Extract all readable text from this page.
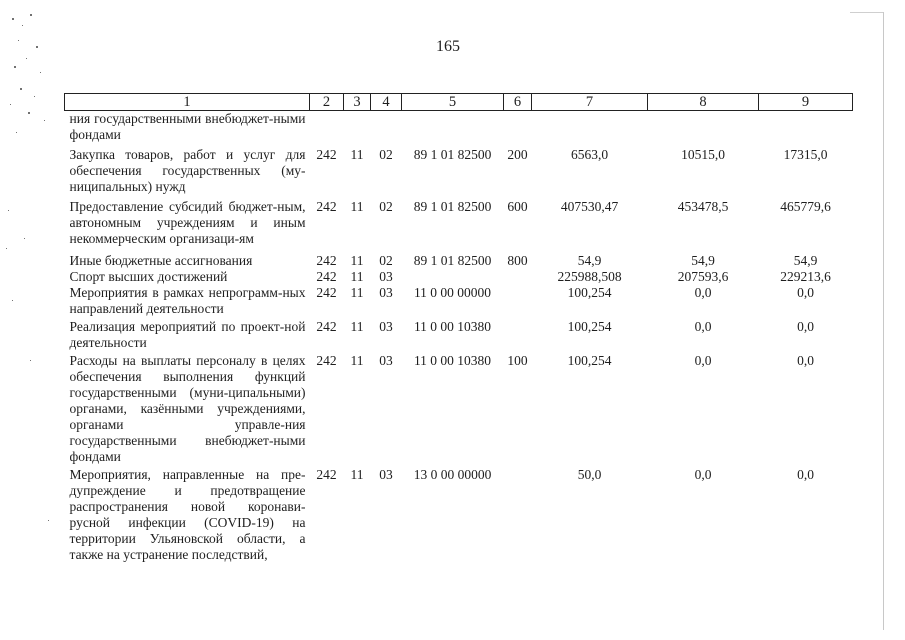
165
1	2	3	4	5	6	7	8	9
ния государственными внебюджет-ными фондами								
Закупка товаров, работ и услуг для обеспечения государственных (му-ниципальных) нужд	242	11	02	89 1 01 82500	200	6563,0	10515,0	17315,0
Предоставление субсидий бюджет-ным, автономным учреждениям и иным некоммерческим организаци-ям	242	11	02	89 1 01 82500	600	407530,47	453478,5	465779,6
Иные бюджетные ассигнования	242	11	02	89 1 01 82500	800	54,9	54,9	54,9
Спорт высших достижений	242	11	03			225988,508	207593,6	229213,6
Мероприятия в рамках непрограмм-ных направлений деятельности	242	11	03	11 0 00 00000		100,254	0,0	0,0
Реализация мероприятий по проект-ной деятельности	242	11	03	11 0 00 10380		100,254	0,0	0,0
Расходы на выплаты персоналу в целях обеспечения выполнения функций государственными (муни-ципальными) органами, казёнными учреждениями, органами управле-ния государственными внебюджет-ными фондами	242	11	03	11 0 00 10380	100	100,254	0,0	0,0
Мероприятия, направленные на пре-дупреждение и предотвращение распространения новой коронави-русной инфекции (COVID-19) на территории Ульяновской области, а также на устранение последствий,	242	11	03	13 0 00 00000		50,0	0,0	0,0
